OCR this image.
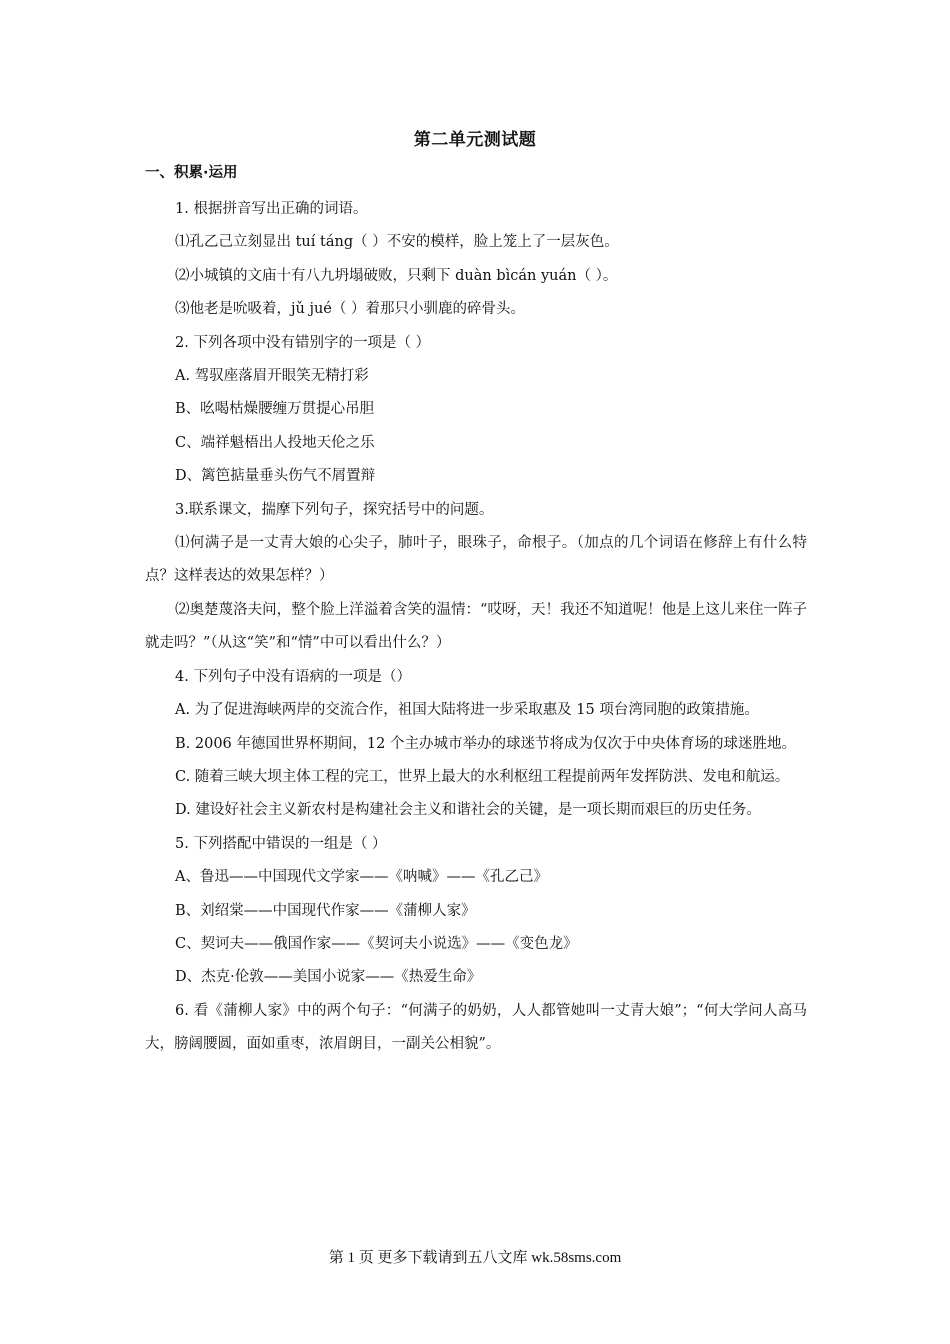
第二单元测试题
一、积累·运用

1. 根据拼音写出正确的词语。

⑴孔乙己立刻显出 tuí táng（ ）不安的模样，脸上笼上了一层灰色。

⑵小城镇的文庙十有八九坍塌破败，只剩下 duàn bìcán yuán（ ）。

⑶他老是吮吸着，jǔ jué（ ）着那只小驯鹿的碎骨头。

2. 下列各项中没有错别字的一项是（ ）

A. 驾驭座落眉开眼笑无精打彩

B、吆喝枯燥腰缠万贯提心吊胆

C、端祥魁梧出人投地天伦之乐

D、篱笆掂量垂头伤气不屑置辩

3.联系课文，揣摩下列句子，探究括号中的问题。

⑴何满子是一丈青大娘的心尖子，肺叶子，眼珠子，命根子。（加点的几个词语在修辞上有什么特点？这样表达的效果怎样？）

⑵奥楚蔑洛夫问，整个脸上洋溢着含笑的温情：“哎呀，天！我还不知道呢！他是上这儿来住一阵子就走吗？”（从这“笑”和“情”中可以看出什么？）

4. 下列句子中没有语病的一项是（）

A. 为了促进海峡两岸的交流合作，祖国大陆将进一步采取惠及 15 项台湾同胞的政策措施。

B. 2006 年德国世界杯期间，12 个主办城市举办的球迷节将成为仅次于中央体育场的球迷胜地。

C. 随着三峡大坝主体工程的完工，世界上最大的水利枢纽工程提前两年发挥防洪、发电和航运。

D. 建设好社会主义新农村是构建社会主义和谐社会的关键，是一项长期而艰巨的历史任务。

5. 下列搭配中错误的一组是（ ）

A、鲁迅——中国现代文学家——《呐喊》——《孔乙己》

B、刘绍棠——中国现代作家——《蒲柳人家》

C、契诃夫——俄国作家——《契诃夫小说选》——《变色龙》

D、杰克·伦敦——美国小说家——《热爱生命》

6. 看《蒲柳人家》中的两个句子：“何满子的奶奶，人人都管她叫一丈青大娘”；“何大学问人高马大，膀阔腰圆，面如重枣，浓眉朗目，一副关公相貌”。

第 1 页 更多下载请到五八文库 wk.58sms.com
